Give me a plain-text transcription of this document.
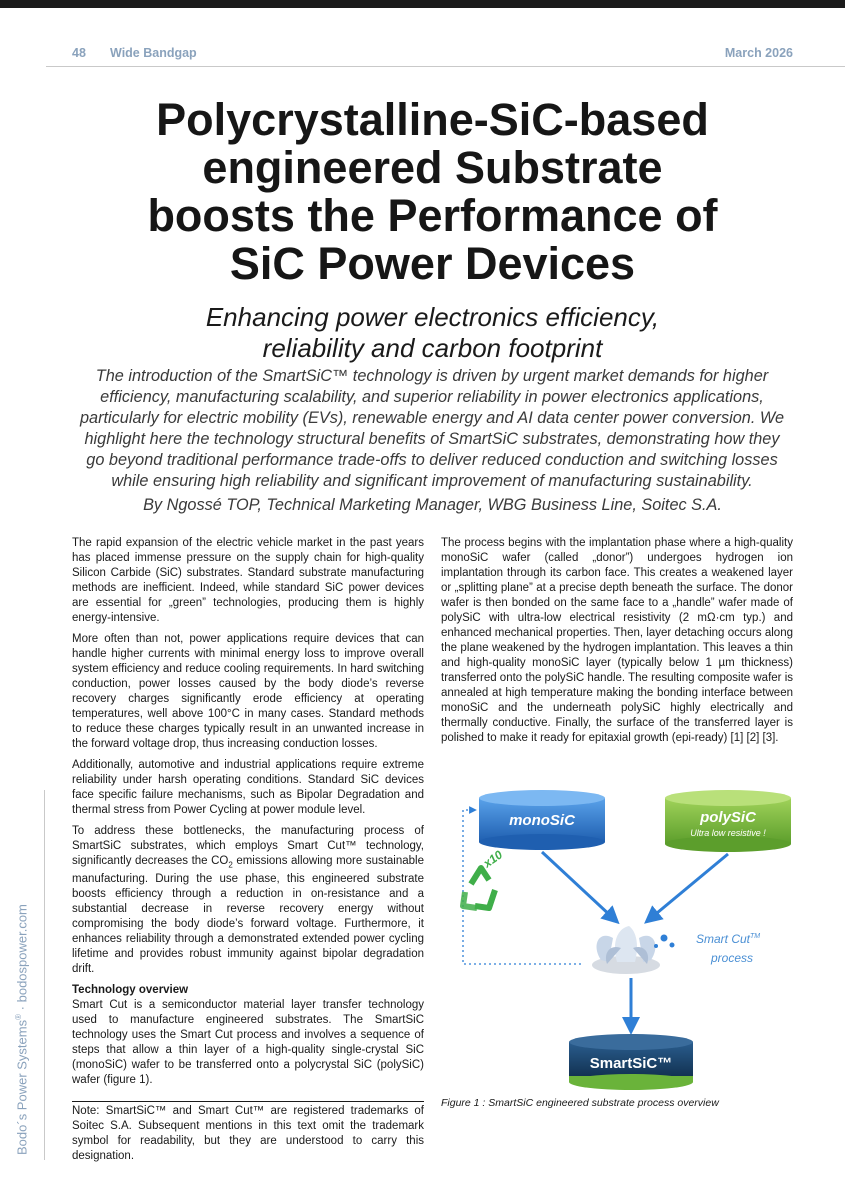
48 Wide Bandgap	March 2026
Polycrystalline-SiC-based
engineered Substrate
boosts the Performance of
SiC Power Devices
Enhancing power electronics efficiency,
reliability and carbon footprint
The introduction of the SmartSiC™ technology is driven by urgent market demands for higher efficiency, manufacturing scalability, and superior reliability in power electronics applications, particularly for electric mobility (EVs), renewable energy and AI data center power conversion. We highlight here the technology structural benefits of SmartSiC substrates, demonstrating how they go beyond traditional performance trade-offs to deliver reduced conduction and switching losses while ensuring high reliability and significant improvement of manufacturing sustainability.
By Ngossé TOP, Technical Marketing Manager, WBG Business Line, Soitec S.A.
Bodo´s Power Systems® · bodospower.com

The rapid expansion of the electric vehicle market in the past years has placed immense pressure on the supply chain for high-quality Silicon Carbide (SiC) substrates. Standard substrate manufacturing methods are inefficient. Indeed, while standard SiC power devices are essential for „green” technologies, producing them is highly energy-intensive.

More often than not, power applications require devices that can handle higher currents with minimal energy loss to improve overall system efficiency and reduce cooling requirements. In hard switching conduction, power losses caused by the body diode’s reverse recovery charges significantly erode efficiency at operating temperatures, well above 100°C in many cases. Standard methods to reduce these charges typically result in an unwanted increase in the forward voltage drop, thus increasing conduction losses.

Additionally, automotive and industrial applications require extreme reliability under harsh operating conditions. Standard SiC devices face specific failure mechanisms, such as Bipolar Degradation and thermal stress from Power Cycling at power module level.

To address these bottlenecks, the manufacturing process of SmartSiC substrates, which employs Smart Cut™ technology, significantly decreases the $CO_2$ emissions allowing more sustainable manufacturing. During the use phase, this engineered substrate boosts efficiency through a reduction in on-resistance and a substantial decrease in reverse recovery energy without compromising the body diode’s forward voltage. Furthermore, it enhances reliability through a demonstrated extended power cycling lifetime and provides robust immunity against bipolar degradation drift.

Technology overview

Smart Cut is a semiconductor material layer transfer technology used to manufacture engineered substrates. The SmartSiC technology uses the Smart Cut process and involves a sequence of steps that allow a thin layer of a high-quality single-crystal SiC (monoSiC) wafer to be transferred onto a polycrystal SiC (polySiC) wafer (figure 1).

Note: SmartSiC™ and Smart Cut™ are registered trademarks of Soitec S.A. Subsequent mentions in this text omit the trademark symbol for readability, but they are understood to carry this designation.

The process begins with the implantation phase where a high-quality monoSiC wafer (called „donor”) undergoes hydrogen ion implantation through its carbon face. This creates a weakened layer or „splitting plane” at a precise depth beneath the surface. The donor wafer is then bonded on the same face to a „handle” wafer made of polySiC with ultra-low electrical resistivity (2 mΩ·cm typ.) and enhanced mechanical properties. Then, layer detaching occurs along the plane weakened by the hydrogen implantation. This leaves a thin and high-quality monoSiC layer (typically below 1 µm thickness) transferred onto the polySiC handle. The resulting composite wafer is annealed at high temperature making the bonding interface between monoSiC and the underneath polySiC highly electrically and thermally conductive. Finally, the surface of the transferred layer is polished to make it ready for epitaxial growth (epi-ready) [1] [2] [3].

monoSiC	polySiC
Ultra low resistive !
x10
Smart Cut™
process
SmartSiC™
Figure 1 : SmartSiC engineered substrate process overview
